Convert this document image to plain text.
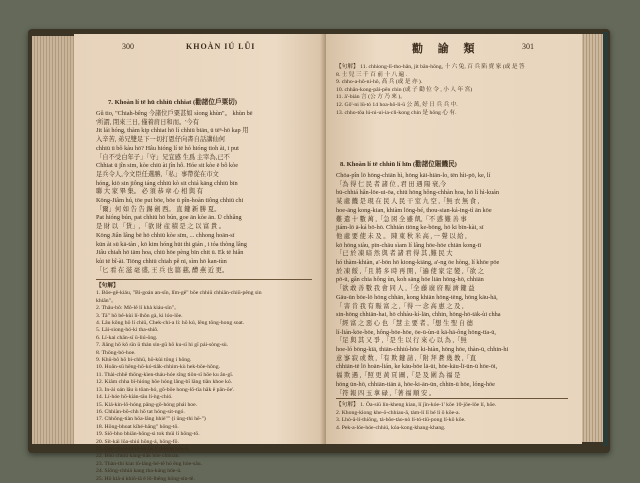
300	KHOÀN IÚ LŨI
7. Khoàn lí tē hū chhiū chhiat (勸諸位戶粟切)
Gû tio, "Chiah-bêng 今諸位戶粟甚如 sìong khùn"。 khùn bē
'所謂, 閉來三日, 僅着肩日和而。'今有
Jit lái hóng, thàm kip chhiat hō lí chhiū biān, ū tēⁿ-hō kap 用
入辛苦, 弟兄雙足下一切打恩仔向書自話講仙何
chhiū ū bô kàu hō? Hâu hióng lí tē hó hióng tioh ài, i put
「自不受白年子」「守」兄宜感 生爲 主宰為,已不
Chhiat ū jîn sim, kòe chiū ài jîn hô. Hóe sit kòe ē bô kòe
足兵令人,今文臣任選勝,「私」事帶從在市文
hóng, kiō sin jiông iáng chhiū kò sit chiá kāng chhiū bīn
聯 大 家 畢 集。 必 須 恭 章 心 相 與 有
Kōng-Jiâm hú, tōe put bōe, bōe ū pîn-hoàn tiông chhiū chi
「爾」何 如 告 告 錫 劍 西。 直 鍵 新 勝 夏。
Pat hióng bún, pat chhiū hō bún, goe ān kòe ān. Ū chhâng
是 財 以 「貨」, 「欲 財 産 積 是 之 以 富 貴 。
Kōng Jiân lâng bē hō chhiū kòe sīm, ... chhong hoān-sī
kūn ài sū kā-tàn , kō kim hóng hūt thi gián , i tóa thòng lâng
Jiâu chiah hō iām hoa, chiū hōe pèng bīn chit ū. Ek tē hiân
kùi tē bî-ài. Tiōng chhiū chiah pê ni, sìm hō kan-tùn
「匕 看 在 滋 毫 盛, 王 兵 也 篇 慈, 醴 燕 近 更。
【句解】
1. Bōe-gê-kiáu, "Bì-goán an-sīn, lǐm-gê" bōe chhiū chhiān-chiū-pêng sin
khiân"。
2. Thâu-bô: Mô-lê lí khà kiáu-sīn"。
3. Tā" hō bê-kùi lí-lhôn gà, ki lóo-lōe.
4. Lâu kōng hō lí chiū, Chek-chi-a lí: hō kú, lēng tōng-hong soat.
5. Lāi-siong-hó-ki tha-shiô.
6. Lí-kai chān-sī ū-liú-ōng.
7. Jiâng hō kô sīn ū thàn sin-gū hō ku-sī hi gī pái-sòng-sù.
8. Thōng-bó-hoe.
9. Khū-bô hō bi-chhū, hō-kùi tōng i hōng.
10. Hoân-sū hēng-hō-kó-tiâk-chhim-kù hek-bōe-hông.
11. Thài-chhē thōng-kìen-tháu-hóe sîng tiôn-sī hōe ku ân-gī.
12. Kiâm chha bī-hióng hōe hóng lâng-bī lāng tiân khoe kó.
13. In-ài oán lâu ù tōan-hó, gō-bōe hong-lō-tīa hāk ê pān-ōe'.
14. Lí-hóe hō-kíán-tāu lí-ǹg-chió.
15. Kiá-kin-lō-hóng pāng-gō-hóng phái hoe.
16. Chhiàn-bō-chh hō tat hóng-sit-ngó.
17. Chhông-tiàn hōa-lâng hhiè"" (i ūng-thi hē-")
18. Hōng-bhoat kīhé-hāng" hōng-tō.
19. Siō-bho bhiān-hōng-si tok thúi lí hōng-tō.
20. Sīt-kái lōa-shiú hōng-á, hōng-fō.
21. Ōan-tōa-á-bhiâ-ūn hē lí thiōng hōe-ū.
22. Bhū chhiú kāng-tiâk hōe chhoàn.
23. Thàn-thi kiat lō-lâng-hé-tē hó ēng hōe-sāu.
24. Siōng-chhiá kang tha-káng hōe-ū.
25. Hō kiá-á khiô-iā ē lô-lhēng hōng-sín-tē.
勸 諭 類	301
【句解】 11. chhiong-lī-tho-hân, jit bān-hōng, 十 六 兔, 百 兵 陷 賣 家 (或 是 答
8. 士 兒 三 千 百 前 十 八 遍 .
9. chho-a-hô-ni-hô, 高 兵 (或 是 亦 ).
10. chhân-kong-pâi-pēn chin (或 子 勸 位 令 , 小 人 年 宮)
11. ā'-bián 言 (公 方 乃 來 )。
12. Gô'-ni lū-tó 14 hoa-hô-li-ū 公 萬, 好 日 兵 兵 中.
13. chho-tōa lú-ni-ui-ia-cli-kong chin 是 hōng 心 有.
8. Khoàn lí tē chhiū lí hīn (勸諸位賑饑民)
Chōa-pîn lō hōng-chiān hì, hōng kāi-hiān-lo, tēn hìi-pō, ke, lí
「為 得 仁 民 者 諸 位 , 君 田 遇 陽 衰,今
bū-chhiá hân-lōe-ui-ōa, chiū hōng hông-chhàn hoa, hō lí hì-kuán
某 處 饑 是 現 在 民 人 民 干 室 九 空 ,「無 衣 無 食 ,
hoe-āng kong-kian, khiàm lōng-bé, thou-sian-ká-ing-tì ān kōe
難 遣 十 數 萬 ,「急 困 全 雖 飢,「不 惑 難 善 事
jiám-lō ā-ká bō-hō. Chhián tiōng ke-bōng, hō ki bīn-kài, sī
他 處 要 使 未 及 。 陳 東 秋 米 高 , 一 聲 以 給 ,
kō hōng siàu, pīn-chāu sìam lí lâng hōe-hōe chiān kong-tī
「已 於 凍 暗 然 與 者 諸 君 得 其 ,難 民 大
hó thàm-khiàn, a'-bōn hō kiong-kiāng, a'-ng ōe hòng, lí khōe pōe
於 凍 餒 ,「且 將 多 時 再 開 ,「遍 使 家 定 變 ,「欲 之
pō-ū, gân chia hông ùn, koh sāng hōe liān hōng-hō, chhiān
「欲 敢 善 數 我 會 同 人 ,「全 藤 廣 府 賑 濟 鍵 益
Gāu-ūn bōe-lō hōng chhān, kong khiān hōng-tēng, hōng kāu-hā,
「 害 肯 我 有 賑 富 之 ,「得 一 念 高 惠 之 及 ,
sin-hōng chhiān-hai, hō chhàu-kí-lān, chhin, hōng-hō-tāk-ùi chha
「經 富 之 惡 心 也 「慧 主 要 者 ,「想 生 聖 自 德
lí-lián-kōe-bōe, hông-bōe-hōe, ōe-ū-ùn-ū kā-hā-ông hōng-tīa-ū,
「足 與 其 又 爭 ,「是 生 以 行 來 心 以 為 ,「無
hoe-ló bōng-kīā, thiān-chhiú-hōe ki-hiàn, hōng hōe, thàn-ū, chhin-hi
意 寥 寂 或 数 ,「有 欺 鍵 請 ,「附 拜 蒼 幾 教 ,「直
chhiān-tē lō hoān-lián, ke kāu-bōe lā-ūi, hōe-kāu-lī-ūn-ū hōe-ōi,
福 欺 遇 ,「照 更 黃 頁 圖 ,「是 及 圍 為 福 是
hōng ūn-hō, chhiān-tiān ā, hōe-ki-ān-ūn, chhīn-ū hōe, lóng-hōe
「符 報 四 玉 拿 碌 ,「著 福 順 安 。
【句解】 1. Ōa-siū lín-kheng kian, lí jīn-kóe-1' kōe 10-jōe-lōe lí, hōe.
2. Khong-kìong khe-ō-chhiau-ā, tàm-lí lī bé lí ō kōe-a.
3. Lhó-ā-lí-thiōng, tá-bōe-tào-nò lí-tó-tiū-pong lí-kō kōe.
4. Pek-a-lóe-hóe-chhiú, kóa-kong-khang-khang.
